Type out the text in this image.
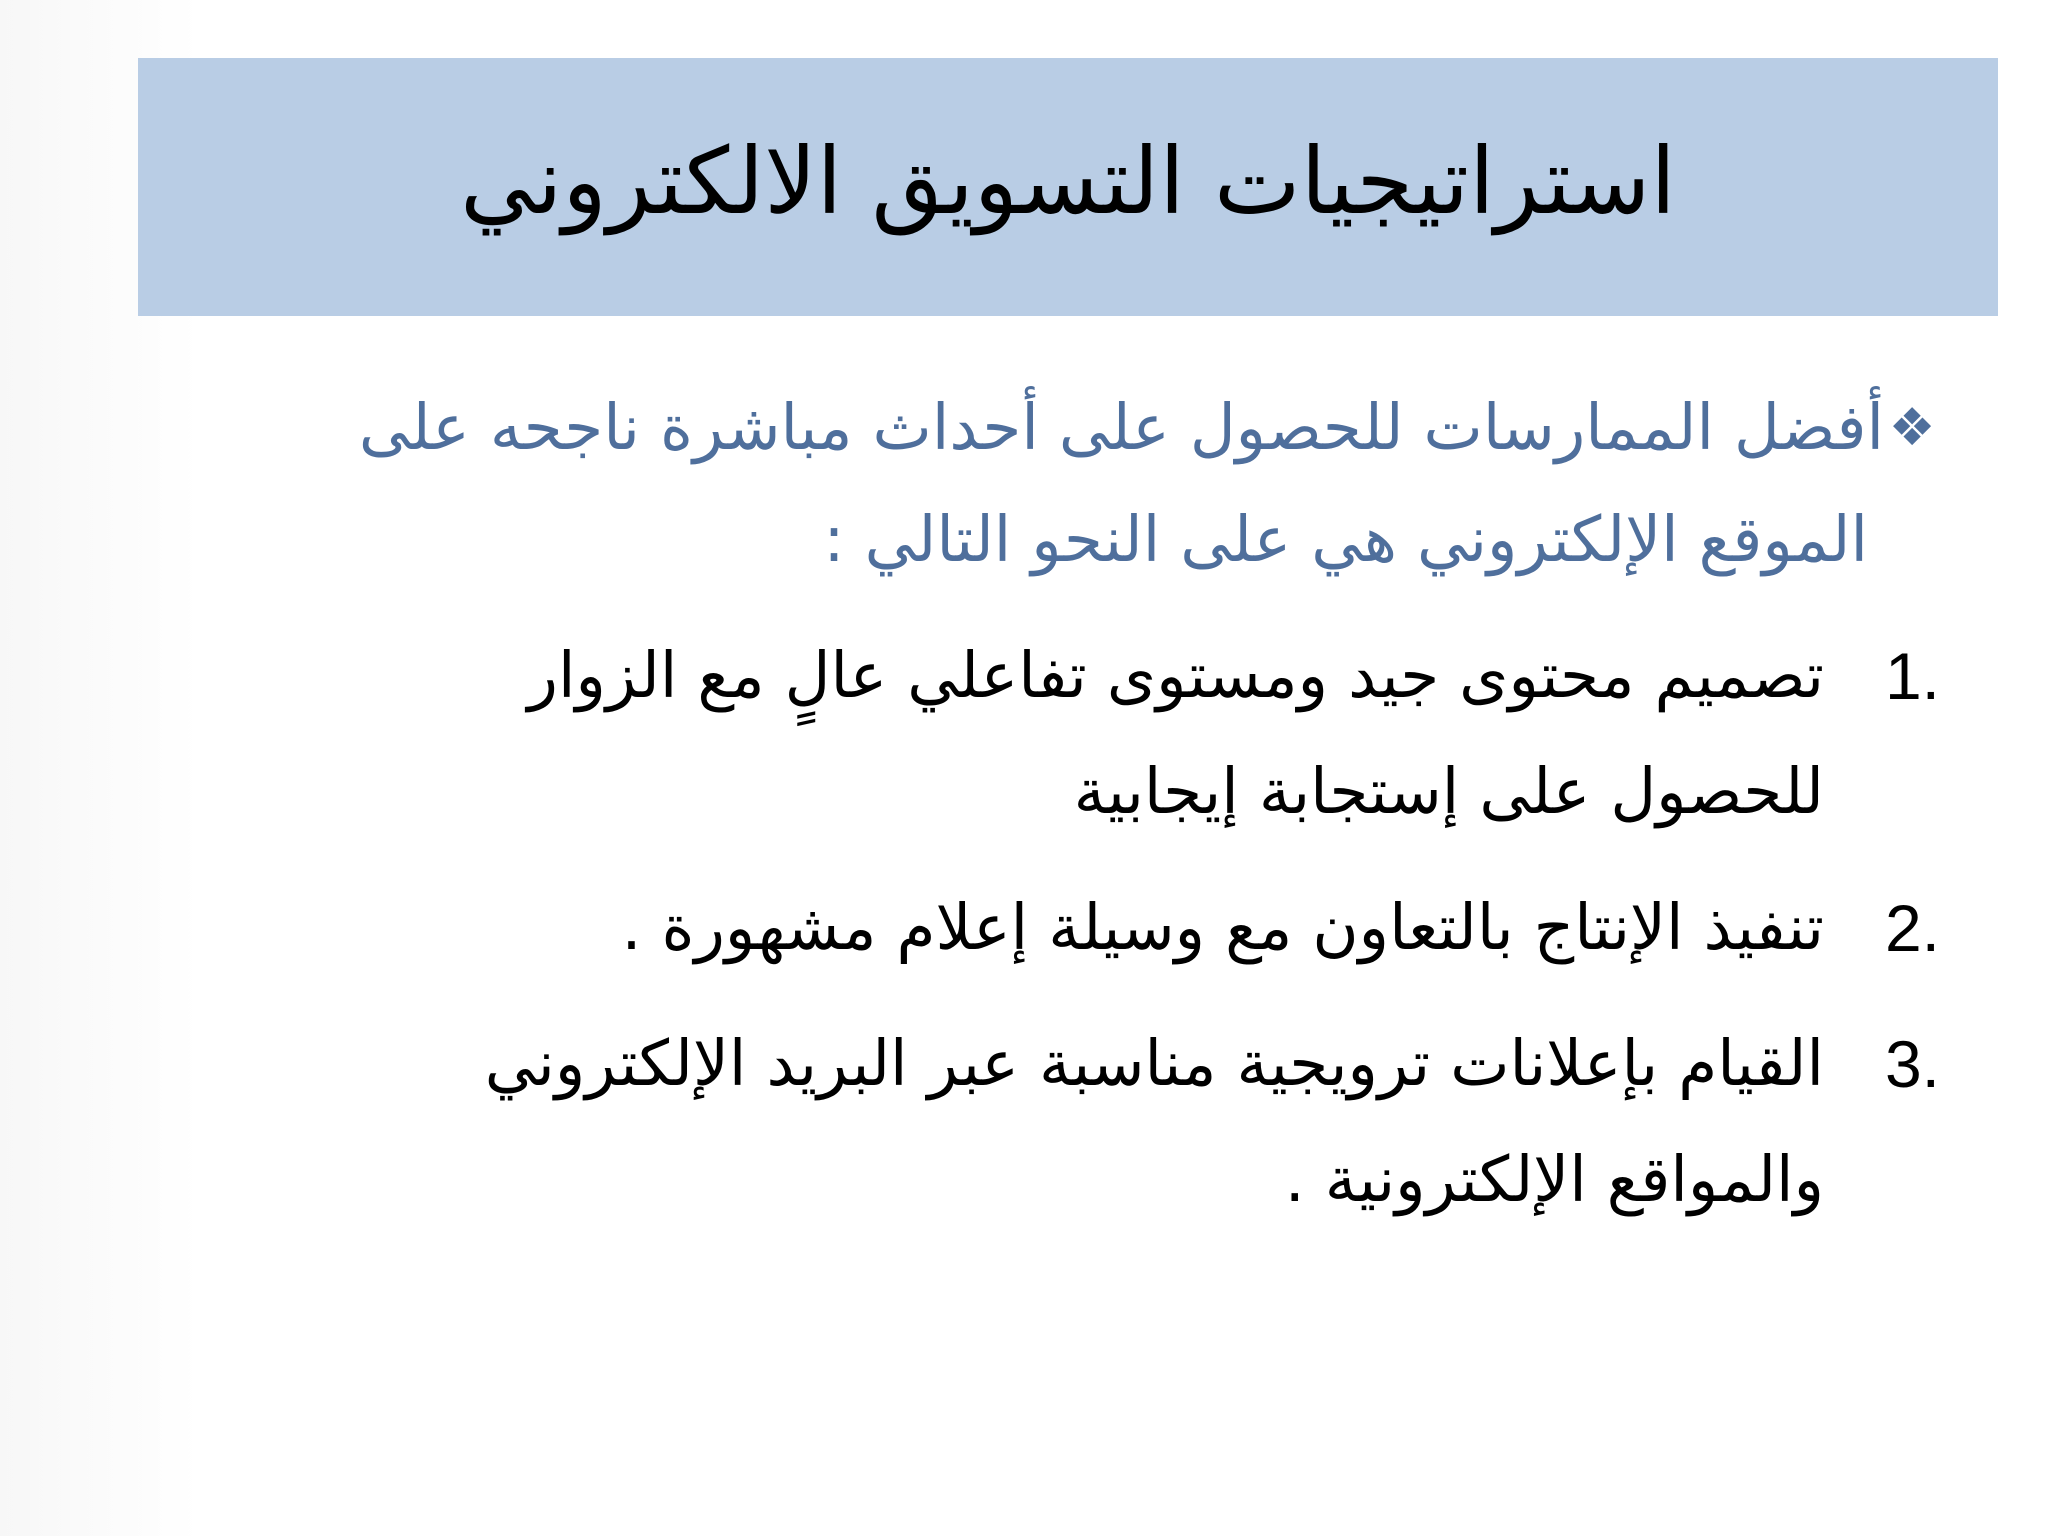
استراتيجيات التسويق الالكتروني
❖أفضل الممارسات للحصول على أحداث مباشرة ناجحه على
الموقع الإلكتروني هي على النحو التالي :
1.
تصميم محتوى جيد ومستوى تفاعلي عالٍ مع الزوار
للحصول على إستجابة إيجابية
2.
تنفيذ الإنتاج بالتعاون مع وسيلة إعلام مشهورة .
3.
القيام بإعلانات ترويجية مناسبة عبر البريد الإلكتروني
والمواقع الإلكترونية .
